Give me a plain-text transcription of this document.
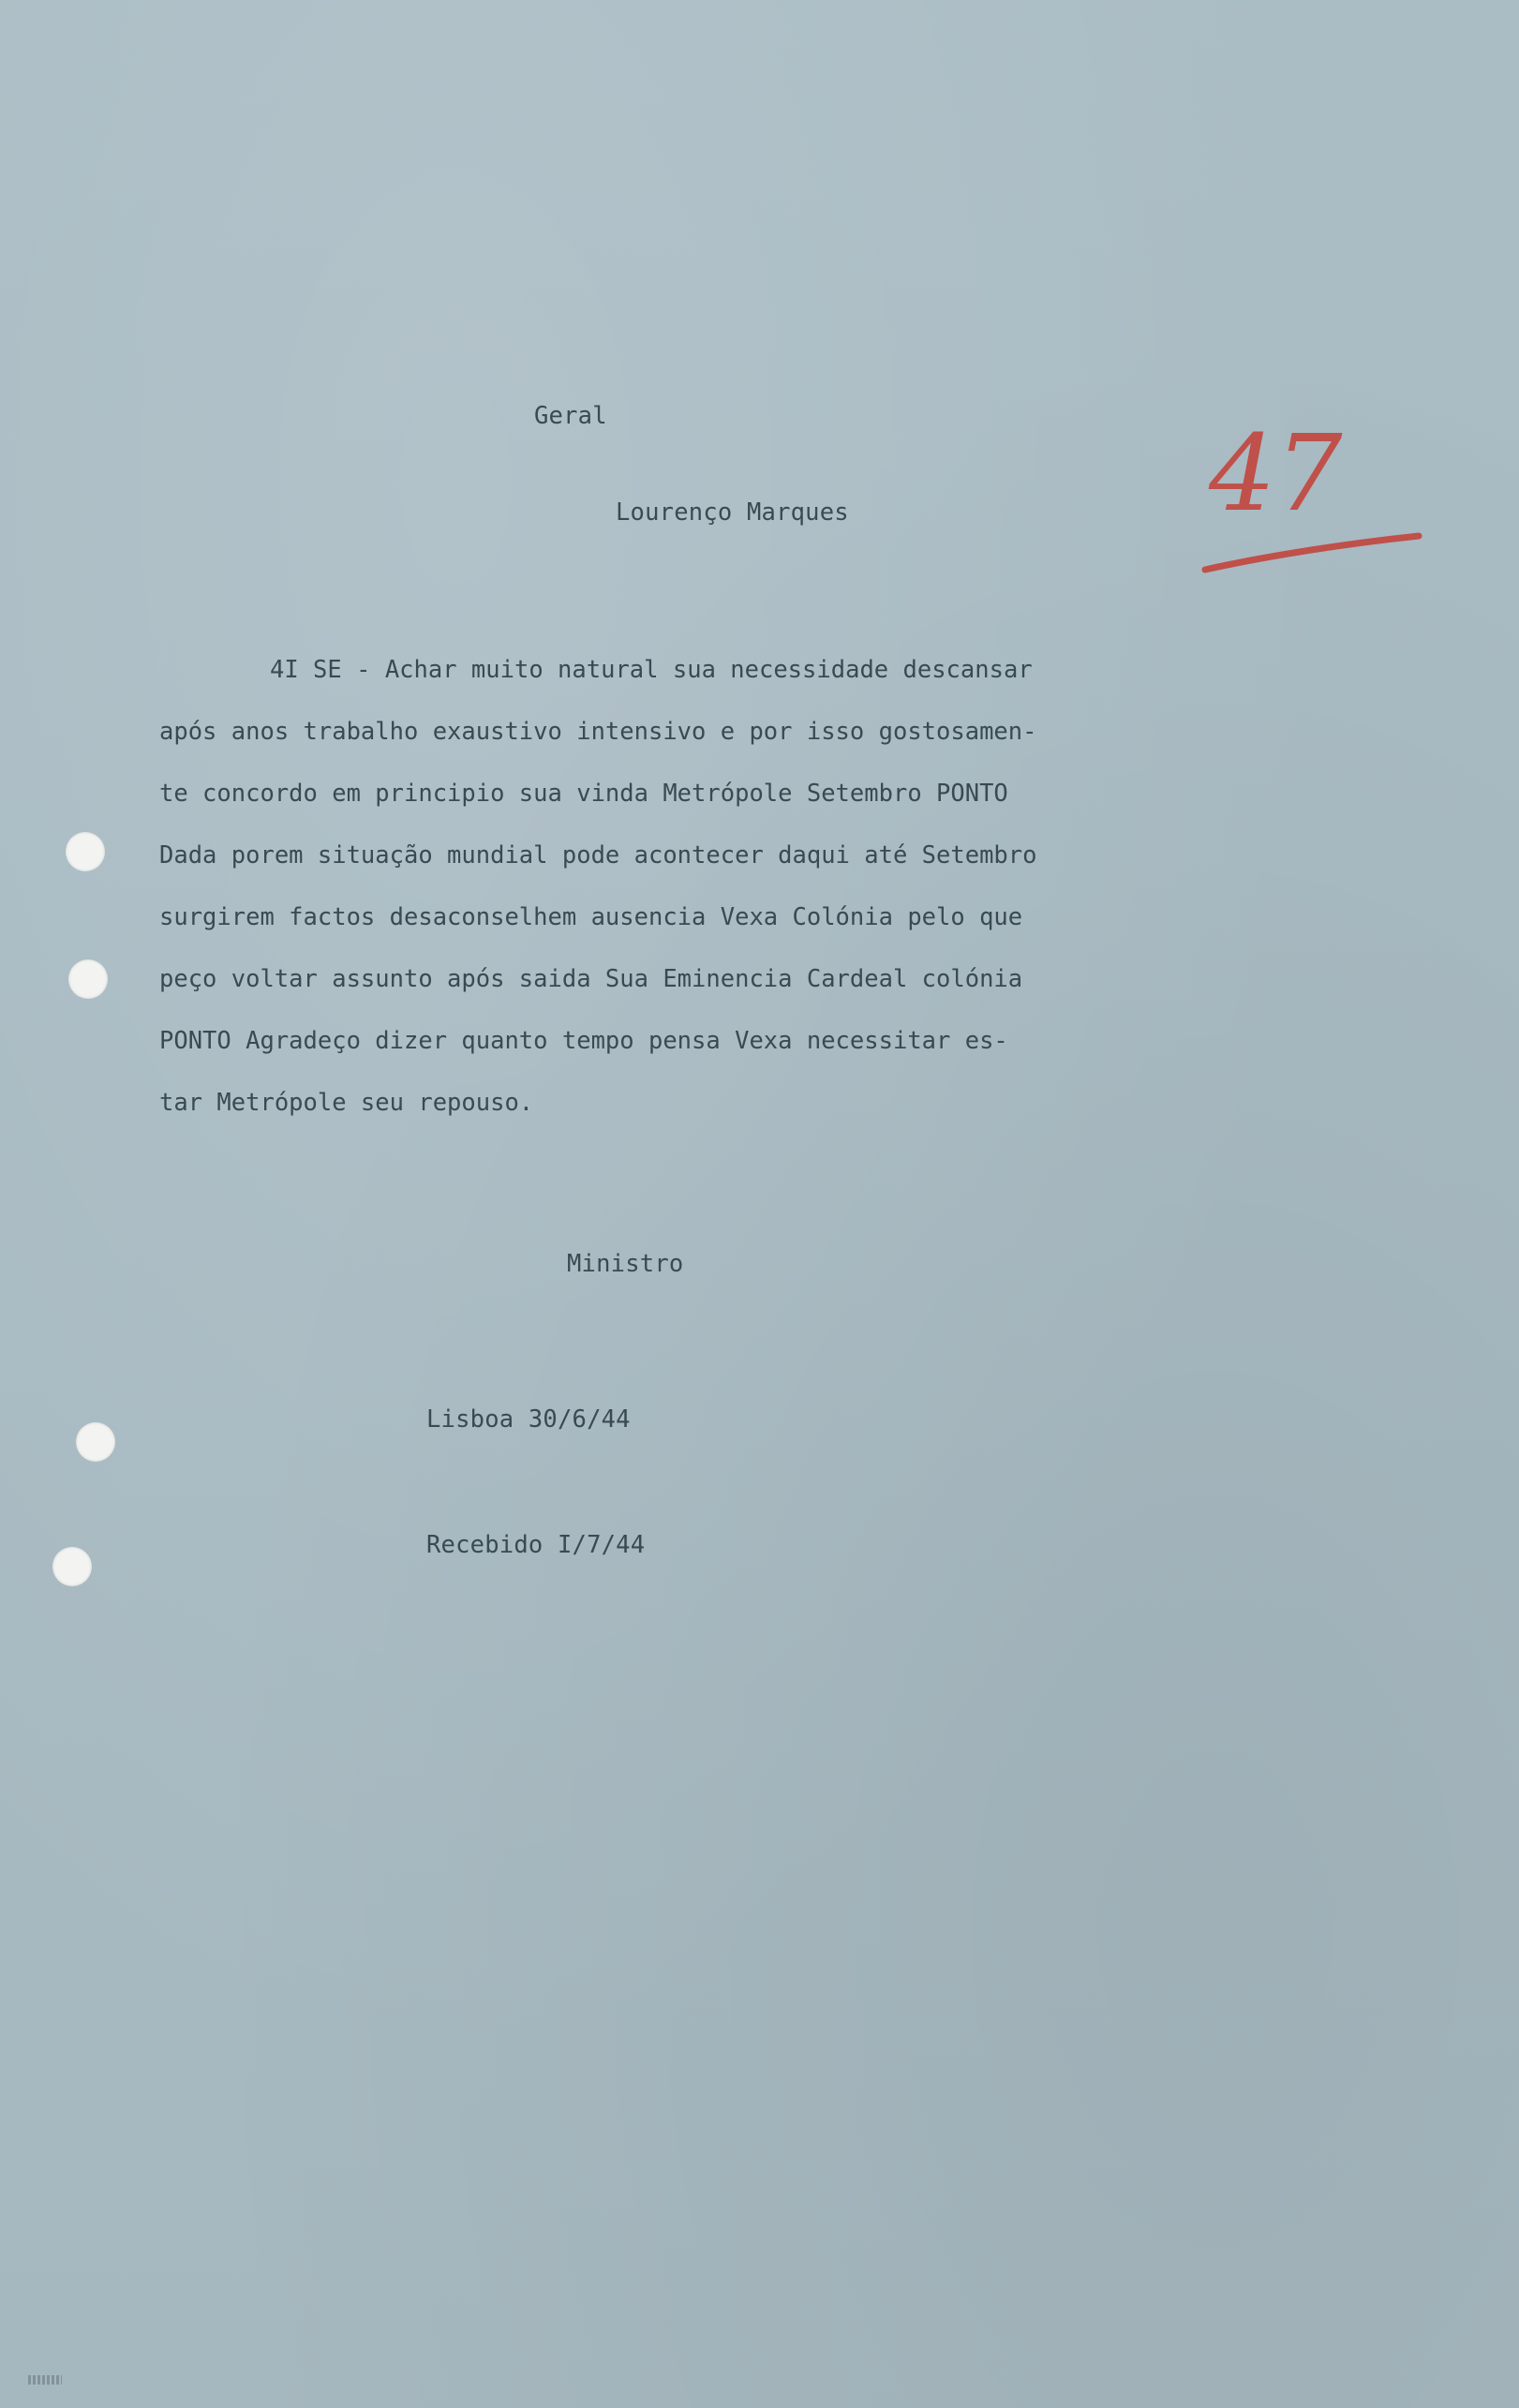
Geral

Lourenço Marques

4I SE - Achar muito natural sua necessidade descansar
após anos trabalho exaustivo intensivo e por isso gostosamen-
te concordo em principio sua vinda Metrópole Setembro PONTO
Dada porem situação mundial pode acontecer daqui até Setembro
surgirem factos desaconselhem ausencia Vexa Colónia pelo que
peço voltar assunto após saida Sua Eminencia Cardeal colónia
PONTO Agradeço dizer quanto tempo pensa Vexa necessitar es-
tar Metrópole seu repouso.

Ministro

Lisboa 30/6/44

Recebido I/7/44

47
